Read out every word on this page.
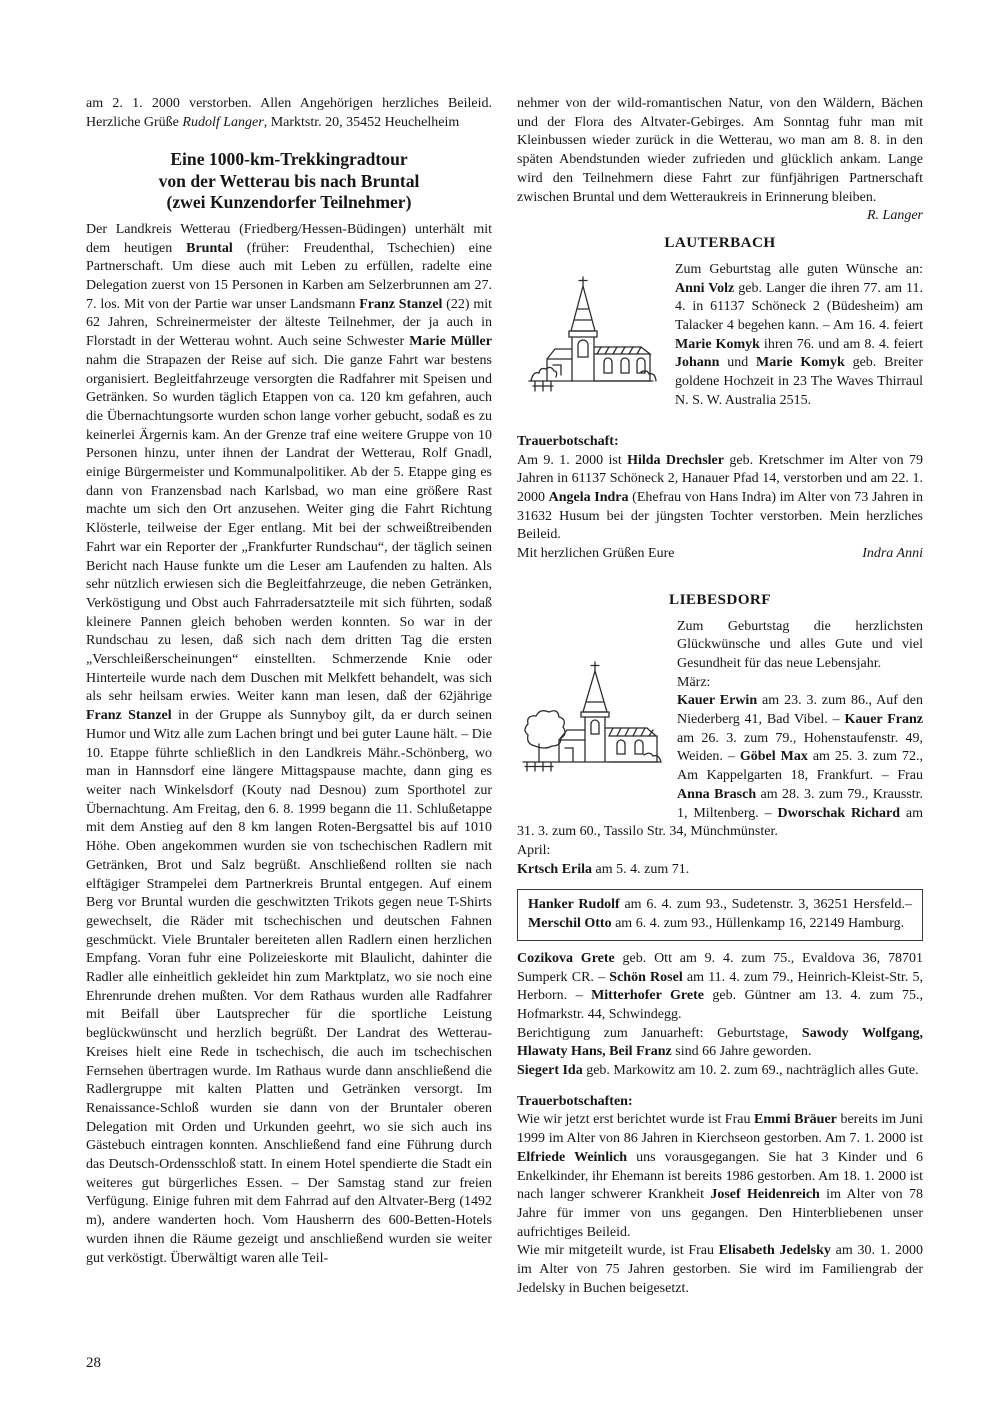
am 2. 1. 2000 verstorben. Allen Angehörigen herzliches Beileid. Herzliche Grüße Rudolf Langer, Marktstr. 20, 35452 Heuchelheim

Eine 1000-km-Trekkingradtour
von der Wetterau bis nach Bruntal
(zwei Kunzendorfer Teilnehmer)

Der Landkreis Wetterau (Friedberg/Hessen-Büdingen) unterhält mit dem heutigen Bruntal (früher: Freudenthal, Tschechien) eine Partnerschaft. Um diese auch mit Leben zu erfüllen, radelte eine Delegation zuerst von 15 Personen in Karben am Selzerbrunnen am 27. 7. los. Mit von der Partie war unser Landsmann Franz Stanzel (22) mit 62 Jahren, Schreinermeister der älteste Teilnehmer, der ja auch in Florstadt in der Wetterau wohnt. Auch seine Schwester Marie Müller nahm die Strapazen der Reise auf sich. Die ganze Fahrt war bestens organisiert. Begleitfahrzeuge versorgten die Radfahrer mit Speisen und Getränken. So wurden täglich Etappen von ca. 120 km gefahren, auch die Übernachtungsorte wurden schon lange vorher gebucht, sodaß es zu keinerlei Ärgernis kam. An der Grenze traf eine weitere Gruppe von 10 Personen hinzu, unter ihnen der Landrat der Wetterau, Rolf Gnadl, einige Bürgermeister und Kommunalpolitiker. Ab der 5. Etappe ging es dann von Franzensbad nach Karlsbad, wo man eine größere Rast machte um sich den Ort anzusehen. Weiter ging die Fahrt Richtung Klösterle, teilweise der Eger entlang. Mit bei der schweißtreibenden Fahrt war ein Reporter der „Frankfurter Rundschau“, der täglich seinen Bericht nach Hause funkte um die Leser am Laufenden zu halten. Als sehr nützlich erwiesen sich die Begleitfahrzeuge, die neben Getränken, Verköstigung und Obst auch Fahrradersatzteile mit sich führten, sodaß kleinere Pannen gleich behoben werden konnten. So war in der Rundschau zu lesen, daß sich nach dem dritten Tag die ersten „Verschleißerscheinungen“ einstellten. Schmerzende Knie oder Hinterteile wurde nach dem Duschen mit Melkfett behandelt, was sich als sehr heilsam erwies. Weiter kann man lesen, daß der 62jährige Franz Stanzel in der Gruppe als Sunnyboy gilt, da er durch seinen Humor und Witz alle zum Lachen bringt und bei guter Laune hält. – Die 10. Etappe führte schließlich in den Landkreis Mähr.-Schönberg, wo man in Hannsdorf eine längere Mittagspause machte, dann ging es weiter nach Winkelsdorf (Kouty nad Desnou) zum Sporthotel zur Übernachtung. Am Freitag, den 6. 8. 1999 begann die 11. Schlußetappe mit dem Anstieg auf den 8 km langen Roten-Bergsattel bis auf 1010 Höhe. Oben angekommen wurden sie von tschechischen Radlern mit Getränken, Brot und Salz begrüßt. Anschließend rollten sie nach elftägiger Strampelei dem Partnerkreis Bruntal entgegen. Auf einem Berg vor Bruntal wurden die geschwitzten Trikots gegen neue T-Shirts gewechselt, die Räder mit tschechischen und deutschen Fahnen geschmückt. Viele Bruntaler bereiteten allen Radlern einen herzlichen Empfang. Voran fuhr eine Polizeieskorte mit Blaulicht, dahinter die Radler alle einheitlich gekleidet hin zum Marktplatz, wo sie noch eine Ehrenrunde drehen mußten. Vor dem Rathaus wurden alle Radfahrer mit Beifall über Lautsprecher für die sportliche Leistung beglückwünscht und herzlich begrüßt. Der Landrat des Wetterau-Kreises hielt eine Rede in tschechisch, die auch im tschechischen Fernsehen übertragen wurde. Im Rathaus wurde dann anschließend die Radlergruppe mit kalten Platten und Getränken versorgt. Im Renaissance-Schloß wurden sie dann von der Bruntaler oberen Delegation mit Orden und Urkunden geehrt, wo sie sich auch ins Gästebuch eintragen konnten. Anschließend fand eine Führung durch das Deutsch-Ordensschloß statt. In einem Hotel spendierte die Stadt ein weiteres gut bürgerliches Essen. – Der Samstag stand zur freien Verfügung. Einige fuhren mit dem Fahrrad auf den Altvater-Berg (1492 m), andere wanderten hoch. Vom Hausherrn des 600-Betten-Hotels wurden ihnen die Räume gezeigt und anschließend wurden sie weiter gut verköstigt. Überwältigt waren alle Teil-

nehmer von der wild-romantischen Natur, von den Wäldern, Bächen und der Flora des Altvater-Gebirges. Am Sonntag fuhr man mit Kleinbussen wieder zurück in die Wetterau, wo man am 8. 8. in den späten Abendstunden wieder zufrieden und glücklich ankam. Lange wird den Teilnehmern diese Fahrt zur fünfjährigen Partnerschaft zwischen Bruntal und dem Wetteraukreis in Erinnerung bleiben.
R. Langer

LAUTERBACH

Zum Geburtstag alle guten Wünsche an: Anni Volz geb. Langer die ihren 77. am 11. 4. in 61137 Schöneck 2 (Büdesheim) am Talacker 4 begehen kann. – Am 16. 4. feiert Marie Komyk ihren 76. und am 8. 4. feiert Johann und Marie Komyk geb. Breiter goldene Hochzeit in 23 The Waves Thirraul N. S. W. Australia 2515.

Trauerbotschaft:

Am 9. 1. 2000 ist Hilda Drechsler geb. Kretschmer im Alter von 79 Jahren in 61137 Schöneck 2, Hanauer Pfad 14, verstorben und am 22. 1. 2000 Angela Indra (Ehefrau von Hans Indra) im Alter von 73 Jahren in 31632 Husum bei der jüngsten Tochter verstorben. Mein herzliches Beileid.

Mit herzlichen Grüßen Eure	Indra Anni

LIEBESDORF

Zum Geburtstag die herzlichsten Glückwünsche und alles Gute und viel Gesundheit für das neue Lebensjahr.

März:

Kauer Erwin am 23. 3. zum 86., Auf den Niederberg 41, Bad Vibel. – Kauer Franz am 26. 3. zum 79., Hohenstaufenstr. 49, Weiden. – Göbel Max am 25. 3. zum 72., Am Kappelgarten 18, Frankfurt. – Frau Anna Brasch am 28. 3. zum 79., Krausstr. 1, Miltenberg. – Dworschak Richard am 31. 3. zum 60., Tassilo Str. 34, Münchmünster.

April:

Krtsch Erila am 5. 4. zum 71.

Hanker Rudolf am 6. 4. zum 93., Sudetenstr. 3, 36251 Hersfeld.– Merschil Otto am 6. 4. zum 93., Hüllenkamp 16, 22149 Hamburg.

Cozikova Grete geb. Ott am 9. 4. zum 75., Evaldova 36, 78701 Sumperk CR. – Schön Rosel am 11. 4. zum 79., Heinrich-Kleist-Str. 5, Herborn. – Mitterhofer Grete geb. Güntner am 13. 4. zum 75., Hofmarkstr. 44, Schwindegg.

Berichtigung zum Januarheft: Geburtstage, Sawody Wolfgang, Hlawaty Hans, Beil Franz sind 66 Jahre geworden.

Siegert Ida geb. Markowitz am 10. 2. zum 69., nachträglich alles Gute.

Trauerbotschaften:

Wie wir jetzt erst berichtet wurde ist Frau Emmi Bräuer bereits im Juni 1999 im Alter von 86 Jahren in Kierchseon gestorben. Am 7. 1. 2000 ist Elfriede Weinlich uns vorausgegangen. Sie hat 3 Kinder und 6 Enkelkinder, ihr Ehemann ist bereits 1986 gestorben. Am 18. 1. 2000 ist nach langer schwerer Krankheit Josef Heidenreich im Alter von 78 Jahre für immer von uns gegangen. Den Hinterbliebenen unser aufrichtiges Beileid.

Wie mir mitgeteilt wurde, ist Frau Elisabeth Jedelsky am 30. 1. 2000 im Alter von 75 Jahren gestorben. Sie wird im Familiengrab der Jedelsky in Buchen beigesetzt.

28
